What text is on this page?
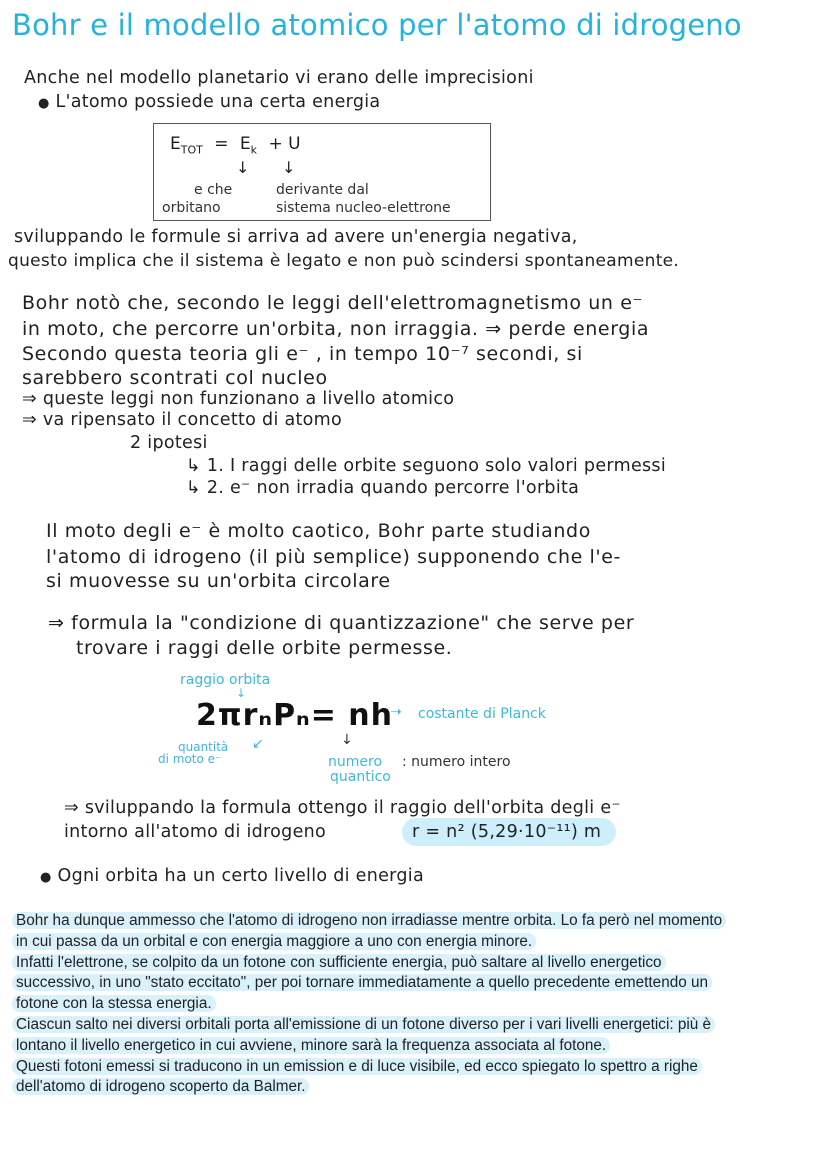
Bohr e il modello atomico per l'atomo di idrogeno
Anche nel modello planetario vi erano delle imprecisioni
● L'atomo possiede una certa energia
$E_{TOT} = E_k + U$
↓ ↓
e che
orbitano
derivante dal
sistema nucleo-elettrone
sviluppando le formule si arriva ad avere un'energia negativa,
questo implica che il sistema è legato e non può scindersi spontaneamente.
Bohr notò che, secondo le leggi dell'elettromagnetismo un e⁻
in moto, che percorre un'orbita, non irraggia. ⇒ perde energia
Secondo questa teoria gli e⁻ , in tempo 10⁻⁷ secondi, si
sarebbero scontrati col nucleo
⇒ queste leggi non funzionano a livello atomico
⇒ va ripensato il concetto di atomo
2 ipotesi
↳ 1. I raggi delle orbite seguono solo valori permessi
↳ 2. e⁻ non irradia quando percorre l'orbita
Il moto degli e⁻ è molto caotico, Bohr parte studiando
l'atomo di idrogeno (il più semplice) supponendo che l'e-
si muovesse su un'orbita circolare
⇒ formula la "condizione di quantizzazione" che serve per
trovare i raggi delle orbite permesse.
raggio orbita
↓
2πrₙPₙ= nh
➝ costante di Planck
↙
quantità
di moto e⁻
↓
numero
quantico
: numero intero
⇒ sviluppando la formula ottengo il raggio dell'orbita degli e⁻
intorno all'atomo di idrogeno	r = n² (5,29·10⁻¹¹) m
● Ogni orbita ha un certo livello di energia
Bohr ha dunque ammesso che l'atomo di idrogeno non irradiasse mentre orbita. Lo fa però nel momento
in cui passa da un orbital e con energia maggiore a uno con energia minore.
Infatti l'elettrone, se colpito da un fotone con sufficiente energia, può saltare al livello energetico
successivo, in uno "stato eccitato", per poi tornare immediatamente a quello precedente emettendo un
fotone con la stessa energia.
Ciascun salto nei diversi orbitali porta all'emissione di un fotone diverso per i vari livelli energetici: più è
lontano il livello energetico in cui avviene, minore sarà la frequenza associata al fotone.
Questi fotoni emessi si traducono in un emission e di luce visibile, ed ecco spiegato lo spettro a righe
dell'atomo di idrogeno scoperto da Balmer.
